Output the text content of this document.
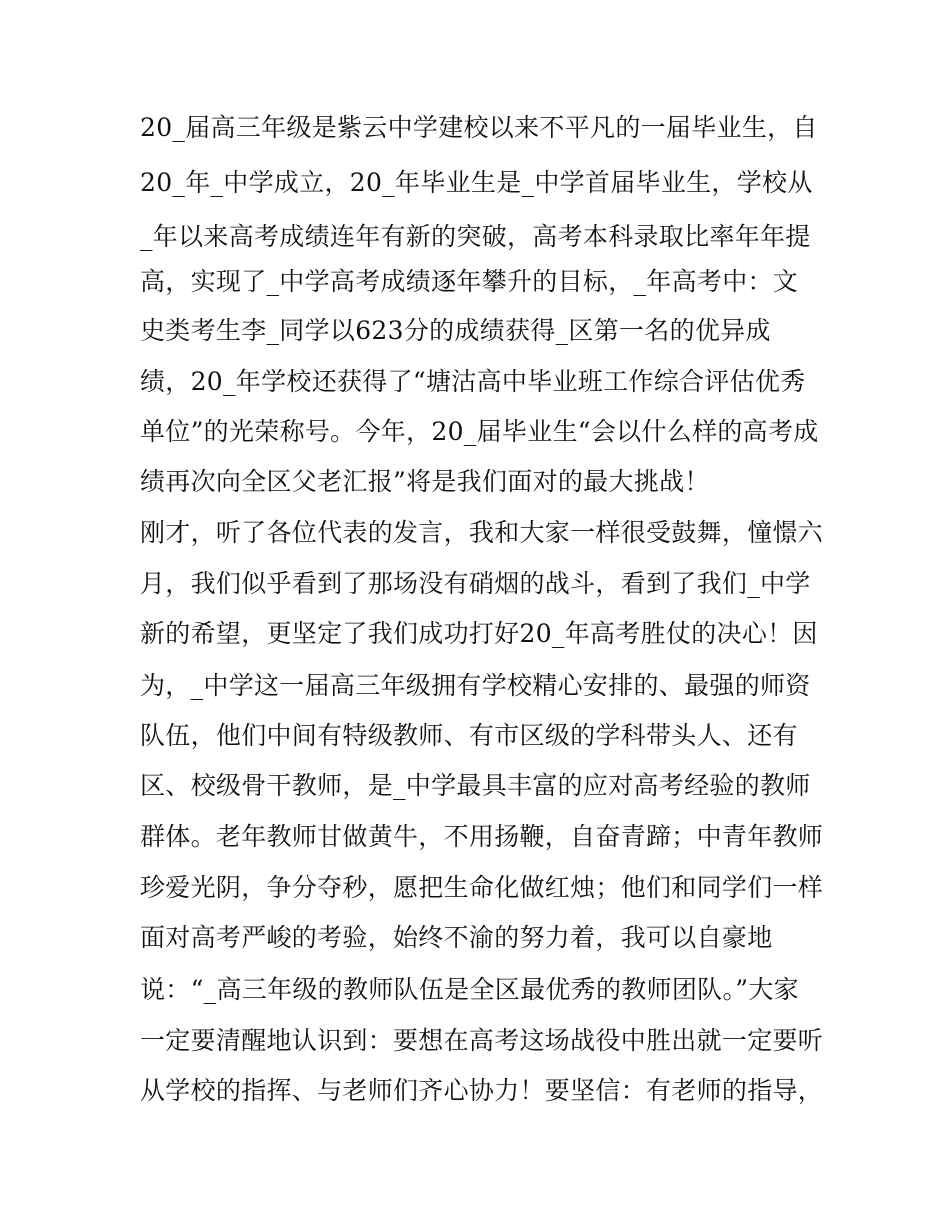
20_届高三年级是紫云中学建校以来不平凡的一届毕业生，自
20_年_中学成立，20_年毕业生是_中学首届毕业生，学校从
_年以来高考成绩连年有新的突破，高考本科录取比率年年提
高，实现了_中学高考成绩逐年攀升的目标，_年高考中：文
史类考生李_同学以623分的成绩获得_区第一名的优异成
绩，20_年学校还获得了“塘沽高中毕业班工作综合评估优秀
单位”的光荣称号。今年，20_届毕业生“会以什么样的高考成
绩再次向全区父老汇报”将是我们面对的最大挑战！
刚才，听了各位代表的发言，我和大家一样很受鼓舞，憧憬六
月，我们似乎看到了那场没有硝烟的战斗，看到了我们_中学
新的希望，更坚定了我们成功打好20_年高考胜仗的决心！因
为，_中学这一届高三年级拥有学校精心安排的、最强的师资
队伍，他们中间有特级教师、有市区级的学科带头人、还有
区、校级骨干教师，是_中学最具丰富的应对高考经验的教师
群体。老年教师甘做黄牛，不用扬鞭，自奋青蹄；中青年教师
珍爱光阴，争分夺秒，愿把生命化做红烛；他们和同学们一样
面对高考严峻的考验，始终不渝的努力着，我可以自豪地
说：“_高三年级的教师队伍是全区最优秀的教师团队。”大家
一定要清醒地认识到：要想在高考这场战役中胜出就一定要听
从学校的指挥、与老师们齐心协力！要坚信：有老师的指导，
